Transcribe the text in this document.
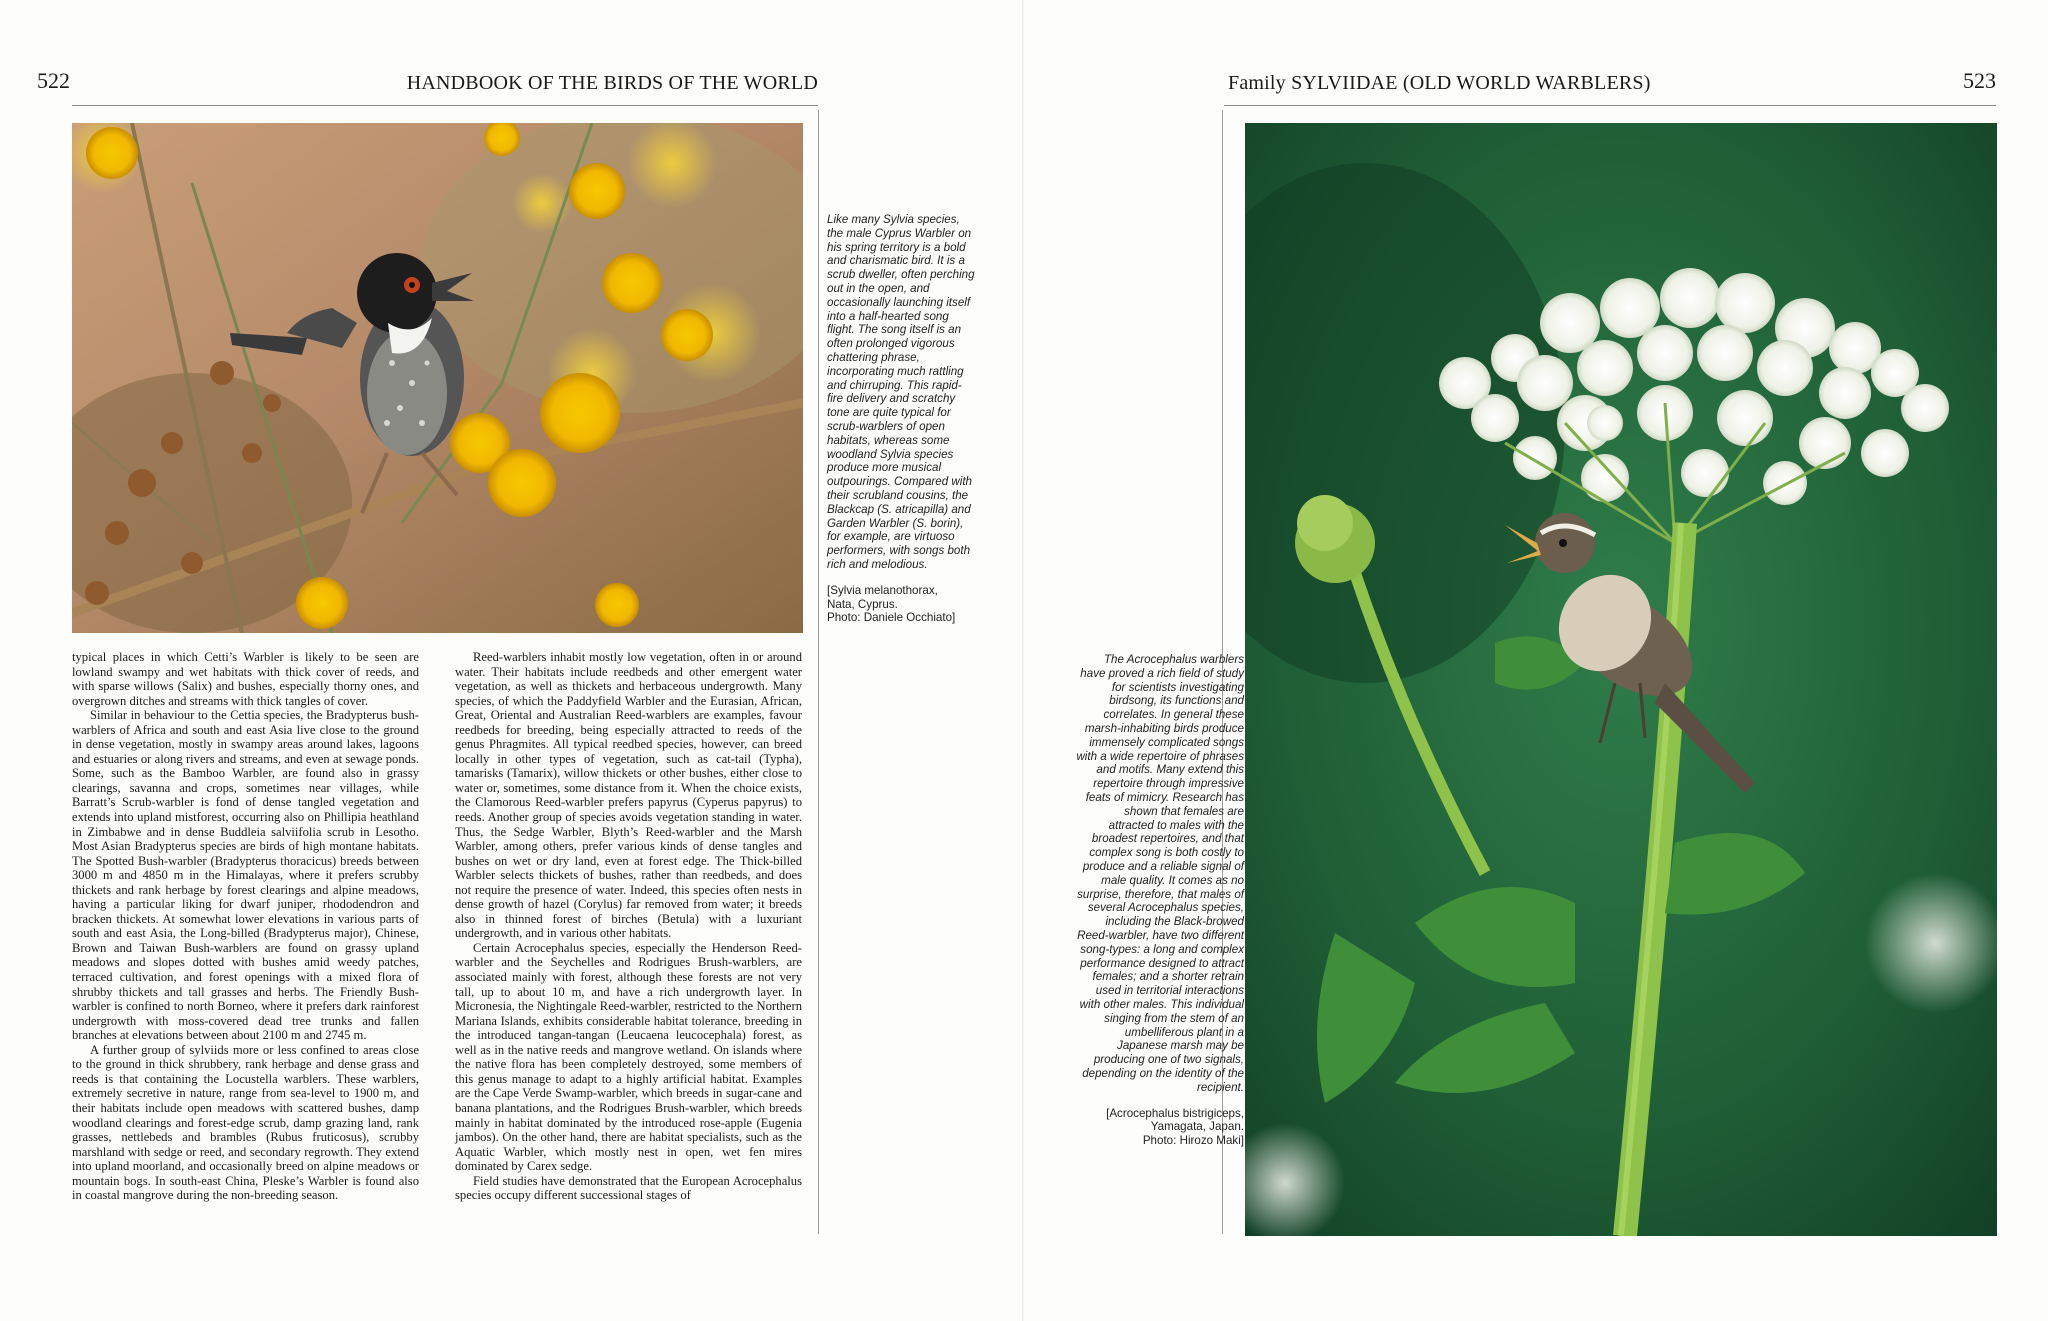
522	HANDBOOK OF THE BIRDS OF THE WORLD
Like many Sylvia species, the male Cyprus Warbler on his spring territory is a bold and charismatic bird. It is a scrub dweller, often perching out in the open, and occasionally launching itself into a half-hearted song flight. The song itself is an often prolonged vigorous chattering phrase, incorporating much rattling and chirruping. This rapid-fire delivery and scratchy tone are quite typical for scrub-warblers of open habitats, whereas some woodland Sylvia species produce more musical outpourings. Compared with their scrubland cousins, the Blackcap (S. atricapilla) and Garden Warbler (S. borin), for example, are virtuoso performers, with songs both rich and melodious.
[Sylvia melanothorax,
Nata, Cyprus.
Photo: Daniele Occhiato]

typical places in which Cetti’s Warbler is likely to be seen are lowland swampy and wet habitats with thick cover of reeds, and with sparse willows (Salix) and bushes, especially thorny ones, and overgrown ditches and streams with thick tangles of cover.

Similar in behaviour to the Cettia species, the Bradypterus bush-warblers of Africa and south and east Asia live close to the ground in dense vegetation, mostly in swampy areas around lakes, lagoons and estuaries or along rivers and streams, and even at sewage ponds. Some, such as the Bamboo Warbler, are found also in grassy clearings, savanna and crops, sometimes near villages, while Barratt’s Scrub-warbler is fond of dense tangled vegetation and extends into upland mistforest, occurring also on Phillipia heathland in Zimbabwe and in dense Buddleia salviifolia scrub in Lesotho. Most Asian Bradypterus species are birds of high montane habitats. The Spotted Bush-warbler (Bradypterus thoracicus) breeds between 3000 m and 4850 m in the Himalayas, where it prefers scrubby thickets and rank herbage by forest clearings and alpine meadows, having a particular liking for dwarf juniper, rhododendron and bracken thickets. At somewhat lower elevations in various parts of south and east Asia, the Long-billed (Bradypterus major), Chinese, Brown and Taiwan Bush-warblers are found on grassy upland meadows and slopes dotted with bushes amid weedy patches, terraced cultivation, and forest openings with a mixed flora of shrubby thickets and tall grasses and herbs. The Friendly Bush-warbler is confined to north Borneo, where it prefers dark rainforest undergrowth with moss-covered dead tree trunks and fallen branches at elevations between about 2100 m and 2745 m.

A further group of sylviids more or less confined to areas close to the ground in thick shrubbery, rank herbage and dense grass and reeds is that containing the Locustella warblers. These warblers, extremely secretive in nature, range from sea-level to 1900 m, and their habitats include open meadows with scattered bushes, damp woodland clearings and forest-edge scrub, damp grazing land, rank grasses, nettlebeds and brambles (Rubus fruticosus), scrubby marshland with sedge or reed, and secondary regrowth. They extend into upland moorland, and occasionally breed on alpine meadows or mountain bogs. In south-east China, Pleske’s Warbler is found also in coastal mangrove during the non-breeding season.

Reed-warblers inhabit mostly low vegetation, often in or around water. Their habitats include reedbeds and other emergent water vegetation, as well as thickets and herbaceous undergrowth. Many species, of which the Paddyfield Warbler and the Eurasian, African, Great, Oriental and Australian Reed-warblers are examples, favour reedbeds for breeding, being especially attracted to reeds of the genus Phragmites. All typical reedbed species, however, can breed locally in other types of vegetation, such as cat-tail (Typha), tamarisks (Tamarix), willow thickets or other bushes, either close to water or, sometimes, some distance from it. When the choice exists, the Clamorous Reed-warbler prefers papyrus (Cyperus papyrus) to reeds. Another group of species avoids vegetation standing in water. Thus, the Sedge Warbler, Blyth’s Reed-warbler and the Marsh Warbler, among others, prefer various kinds of dense tangles and bushes on wet or dry land, even at forest edge. The Thick-billed Warbler selects thickets of bushes, rather than reedbeds, and does not require the presence of water. Indeed, this species often nests in dense growth of hazel (Corylus) far removed from water; it breeds also in thinned forest of birches (Betula) with a luxuriant undergrowth, and in various other habitats.

Certain Acrocephalus species, especially the Henderson Reed-warbler and the Seychelles and Rodrigues Brush-warblers, are associated mainly with forest, although these forests are not very tall, up to about 10 m, and have a rich undergrowth layer. In Micronesia, the Nightingale Reed-warbler, restricted to the Northern Mariana Islands, exhibits considerable habitat tolerance, breeding in the introduced tangan-tangan (Leucaena leucocephala) forest, as well as in the native reeds and mangrove wetland. On islands where the native flora has been completely destroyed, some members of this genus manage to adapt to a highly artificial habitat. Examples are the Cape Verde Swamp-warbler, which breeds in sugar-cane and banana plantations, and the Rodrigues Brush-warbler, which breeds mainly in habitat dominated by the introduced rose-apple (Eugenia jambos). On the other hand, there are habitat specialists, such as the Aquatic Warbler, which mostly nest in open, wet fen mires dominated by Carex sedge.

Field studies have demonstrated that the European Acrocephalus species occupy different successional stages of

Family SYLVIIDAE (OLD WORLD WARBLERS)	523
The Acrocephalus warblers have proved a rich field of study for scientists investigating birdsong, its functions and correlates. In general these marsh-inhabiting birds produce immensely complicated songs with a wide repertoire of phrases and motifs. Many extend this repertoire through impressive feats of mimicry. Research has shown that females are attracted to males with the broadest repertoires, and that complex song is both costly to produce and a reliable signal of male quality. It comes as no surprise, therefore, that males of several Acrocephalus species, including the Black-browed Reed-warbler, have two different song-types: a long and complex performance designed to attract females; and a shorter retrain used in territorial interactions with other males. This individual singing from the stem of an umbelliferous plant in a Japanese marsh may be producing one of two signals, depending on the identity of the recipient.
[Acrocephalus bistrigiceps,
Yamagata, Japan.
Photo: Hirozo Maki]
